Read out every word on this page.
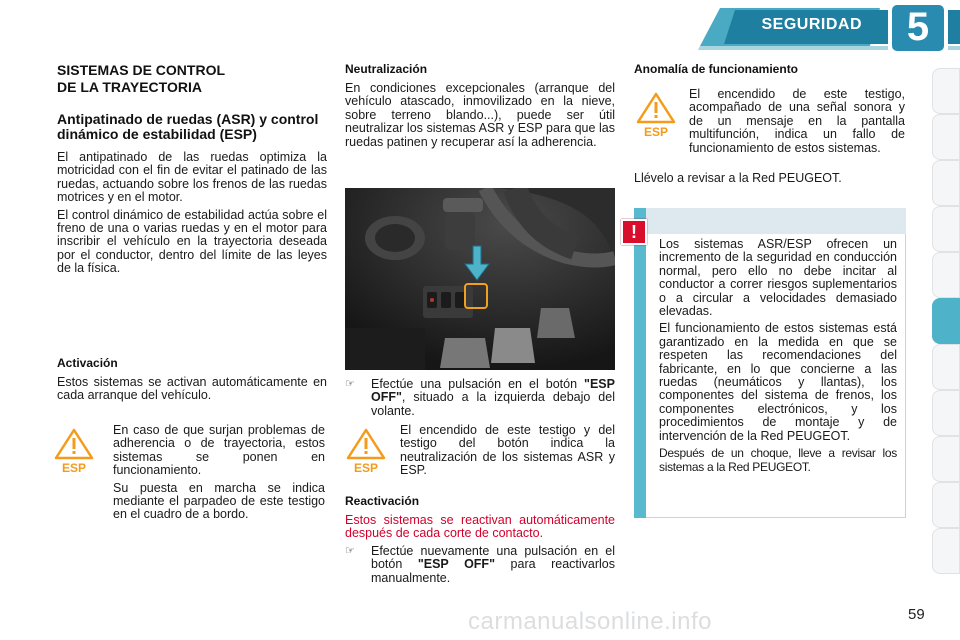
SEGURIDAD	5
SISTEMAS DE CONTROL
DE LA TRAYECTORIA
Antipatinado de ruedas (ASR) y control dinámico de estabilidad (ESP)

El antipatinado de las ruedas optimiza la motricidad con el fin de evitar el patinado de las ruedas, actuando sobre los frenos de las ruedas motrices y en el motor.

El control dinámico de estabilidad actúa sobre el freno de una o varias ruedas y en el motor para inscribir el vehículo en la trayectoria deseada por el conductor, dentro del límite de las leyes de la física.

Activación

Estos sistemas se activan automáticamente en cada arranque del vehículo.

ESP

En caso de que surjan problemas de adherencia o de trayectoria, estos sistemas se ponen en funcionamiento.

Su puesta en marcha se indica mediante el parpadeo de este testigo en el cuadro de a bordo.

Neutralización

En condiciones excepcionales (arranque del vehículo atascado, inmovilizado en la nieve, sobre terreno blando...), puede ser útil neutralizar los sistemas ASR y ESP para que las ruedas patinen y recuperar así la adherencia.

☞	Efectúe una pulsación en el botón "ESP OFF", situado a la izquierda debajo del volante.
ESP

El encendido de este testigo y del testigo del botón indica la neutralización de los sistemas ASR y ESP.

Reactivación

Estos sistemas se reactivan automáticamente después de cada corte de contacto.

☞	Efectúe nuevamente una pulsación en el botón "ESP OFF" para reactivarlos manualmente.
Anomalía de funcionamiento
ESP

El encendido de este testigo, acompañado de una señal sonora y de un mensaje en la pantalla multifunción, indica un fallo de funcionamiento de estos sistemas.

Llévelo a revisar a la Red PEUGEOT.

!

Los sistemas ASR/ESP ofrecen un incremento de la seguridad en conducción normal, pero ello no debe incitar al conductor a correr riesgos suplementarios o a circular a velocidades demasiado elevadas.

El funcionamiento de estos sistemas está garantizado en la medida en que se respeten las recomendaciones del fabricante, en lo que concierne a las ruedas (neumáticos y llantas), los componentes del sistema de frenos, los componentes electrónicos, y los procedimientos de montaje y de intervención de la Red PEUGEOT.

Después de un choque, lleve a revisar los sistemas a la Red PEUGEOT.

carmanualsonline.info	59
